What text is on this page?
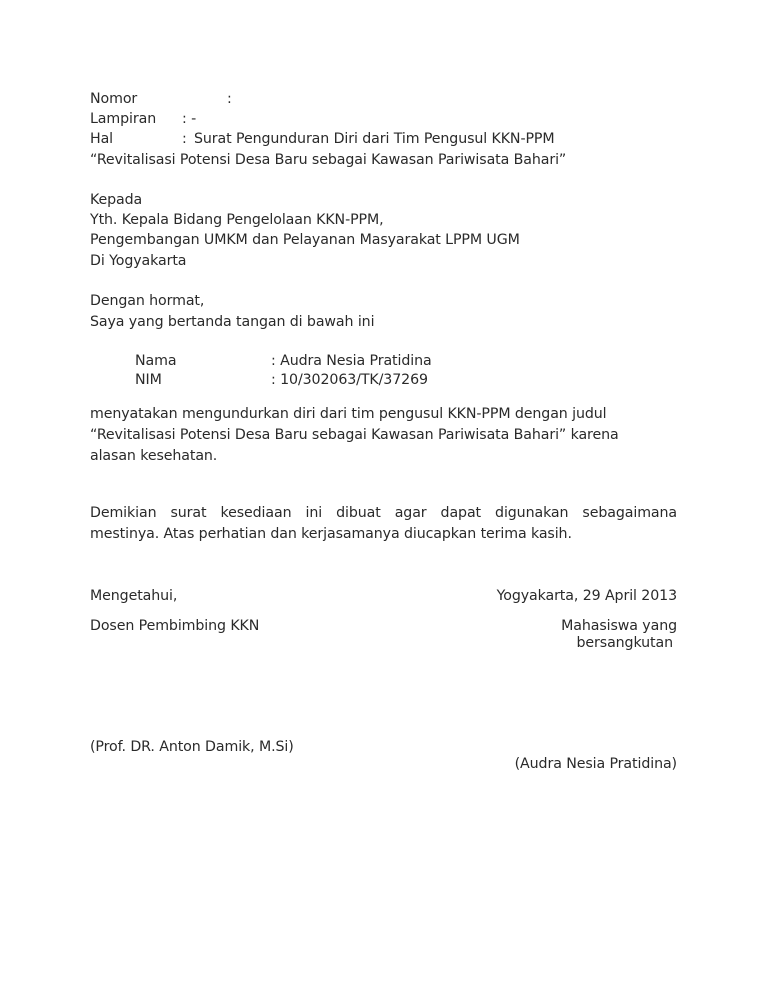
Nomor	:
Lampiran : -
Hal	: Surat Pengunduran Diri dari Tim Pengusul KKN-PPM
“Revitalisasi Potensi Desa Baru sebagai Kawasan Pariwisata Bahari”
Kepada
Yth. Kepala Bidang Pengelolaan KKN-PPM,
Pengembangan UMKM dan Pelayanan Masyarakat LPPM UGM
Di Yogyakarta
Dengan hormat,
Saya yang bertanda tangan di bawah ini
Nama	: Audra Nesia Pratidina
NIM	: 10/302063/TK/37269
menyatakan mengundurkan diri dari tim pengusul KKN-PPM dengan judul
“Revitalisasi Potensi Desa Baru sebagai Kawasan Pariwisata Bahari” karena
alasan kesehatan.
Demikian surat kesediaan ini dibuat agar dapat digunakan sebagaimana
mestinya. Atas perhatian dan kerjasamanya diucapkan terima kasih.
Mengetahui,	Yogyakarta, 29 April 2013
Dosen Pembimbing KKN	Mahasiswa yang
bersangkutan
(Prof. DR. Anton Damik, M.Si)
(Audra Nesia Pratidina)
